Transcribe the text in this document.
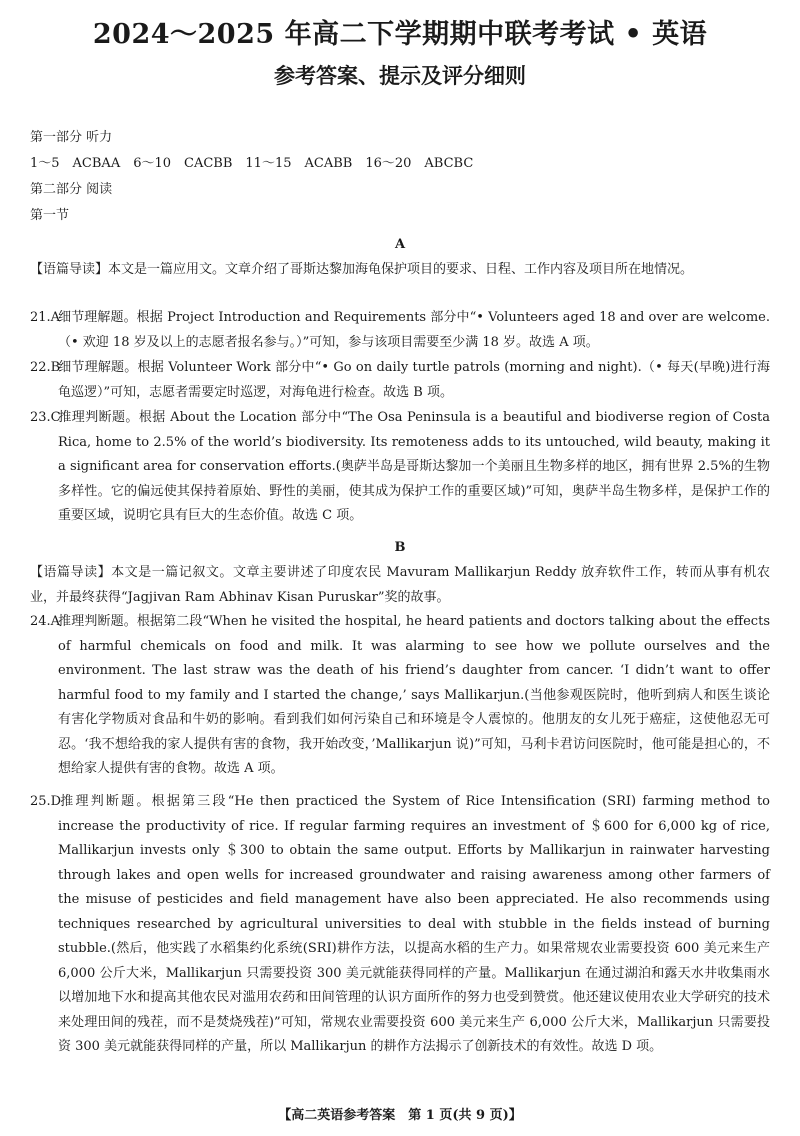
2024～2025 年高二下学期期中联考考试 • 英语
参考答案、提示及评分细则
第一部分 听力
1～5　ACBAA　6～10　CACBB　11～15　ACABB　16～20　ABCBC
第二部分 阅读
第一节
A
【语篇导读】本文是一篇应用文。文章介绍了哥斯达黎加海龟保护项目的要求、日程、工作内容及项目所在地情况。
21.A细节理解题。根据 Project Introduction and Requirements 部分中“• Volunteers aged 18 and over are welcome.（• 欢迎 18 岁及以上的志愿者报名参与。）”可知，参与该项目需要至少满 18 岁。故选 A 项。
22.B细节理解题。根据 Volunteer Work 部分中“• Go on daily turtle patrols (morning and night).（• 每天(早晚)进行海龟巡逻）”可知，志愿者需要定时巡逻，对海龟进行检查。故选 B 项。
23.C推理判断题。根据 About the Location 部分中“The Osa Peninsula is a beautiful and biodiverse region of Costa Rica, home to 2.5% of the world’s biodiversity. Its remoteness adds to its untouched, wild beauty, making it a significant area for conservation efforts.(奥萨半岛是哥斯达黎加一个美丽且生物多样的地区，拥有世界 2.5%的生物多样性。它的偏远使其保持着原始、野性的美丽，使其成为保护工作的重要区域)”可知，奥萨半岛生物多样，是保护工作的重要区域，说明它具有巨大的生态价值。故选 C 项。
B
【语篇导读】本文是一篇记叙文。文章主要讲述了印度农民 Mavuram Mallikarjun Reddy 放弃软件工作，转而从事有机农业，并最终获得“Jagjivan Ram Abhinav Kisan Puruskar”奖的故事。
24.A推理判断题。根据第二段“When he visited the hospital, he heard patients and doctors talking about the effects of harmful chemicals on food and milk. It was alarming to see how we pollute ourselves and the environment. The last straw was the death of his friend’s daughter from cancer. ‘I didn’t want to offer harmful food to my family and I started the change,’ says Mallikarjun.(当他参观医院时，他听到病人和医生谈论有害化学物质对食品和牛奶的影响。看到我们如何污染自己和环境是令人震惊的。他朋友的女儿死于癌症，这使他忍无可忍。‘我不想给我的家人提供有害的食物，我开始改变，’Mallikarjun 说)”可知，马利卡君访问医院时，他可能是担心的，不想给家人提供有害的食物。故选 A 项。
25.D推理判断题。根据第三段“He then practiced the System of Rice Intensification (SRI) farming method to increase the productivity of rice. If regular farming requires an investment of ＄600 for 6,000 kg of rice, Mallikarjun invests only ＄300 to obtain the same output. Efforts by Mallikarjun in rainwater harvesting through lakes and open wells for increased groundwater and raising awareness among other farmers of the misuse of pesticides and field management have also been appreciated. He also recommends using techniques researched by agricultural universities to deal with stubble in the fields instead of burning stubble.(然后，他实践了水稻集约化系统(SRI)耕作方法，以提高水稻的生产力。如果常规农业需要投资 600 美元来生产 6,000 公斤大米，Mallikarjun 只需要投资 300 美元就能获得同样的产量。Mallikarjun 在通过湖泊和露天水井收集雨水以增加地下水和提高其他农民对滥用农药和田间管理的认识方面所作的努力也受到赞赏。他还建议使用农业大学研究的技术来处理田间的残茬，而不是焚烧残茬)”可知，常规农业需要投资 600 美元来生产 6,000 公斤大米，Mallikarjun 只需要投资 300 美元就能获得同样的产量，所以 Mallikarjun 的耕作方法揭示了创新技术的有效性。故选 D 项。
【高二英语参考答案　第 1 页(共 9 页)】
